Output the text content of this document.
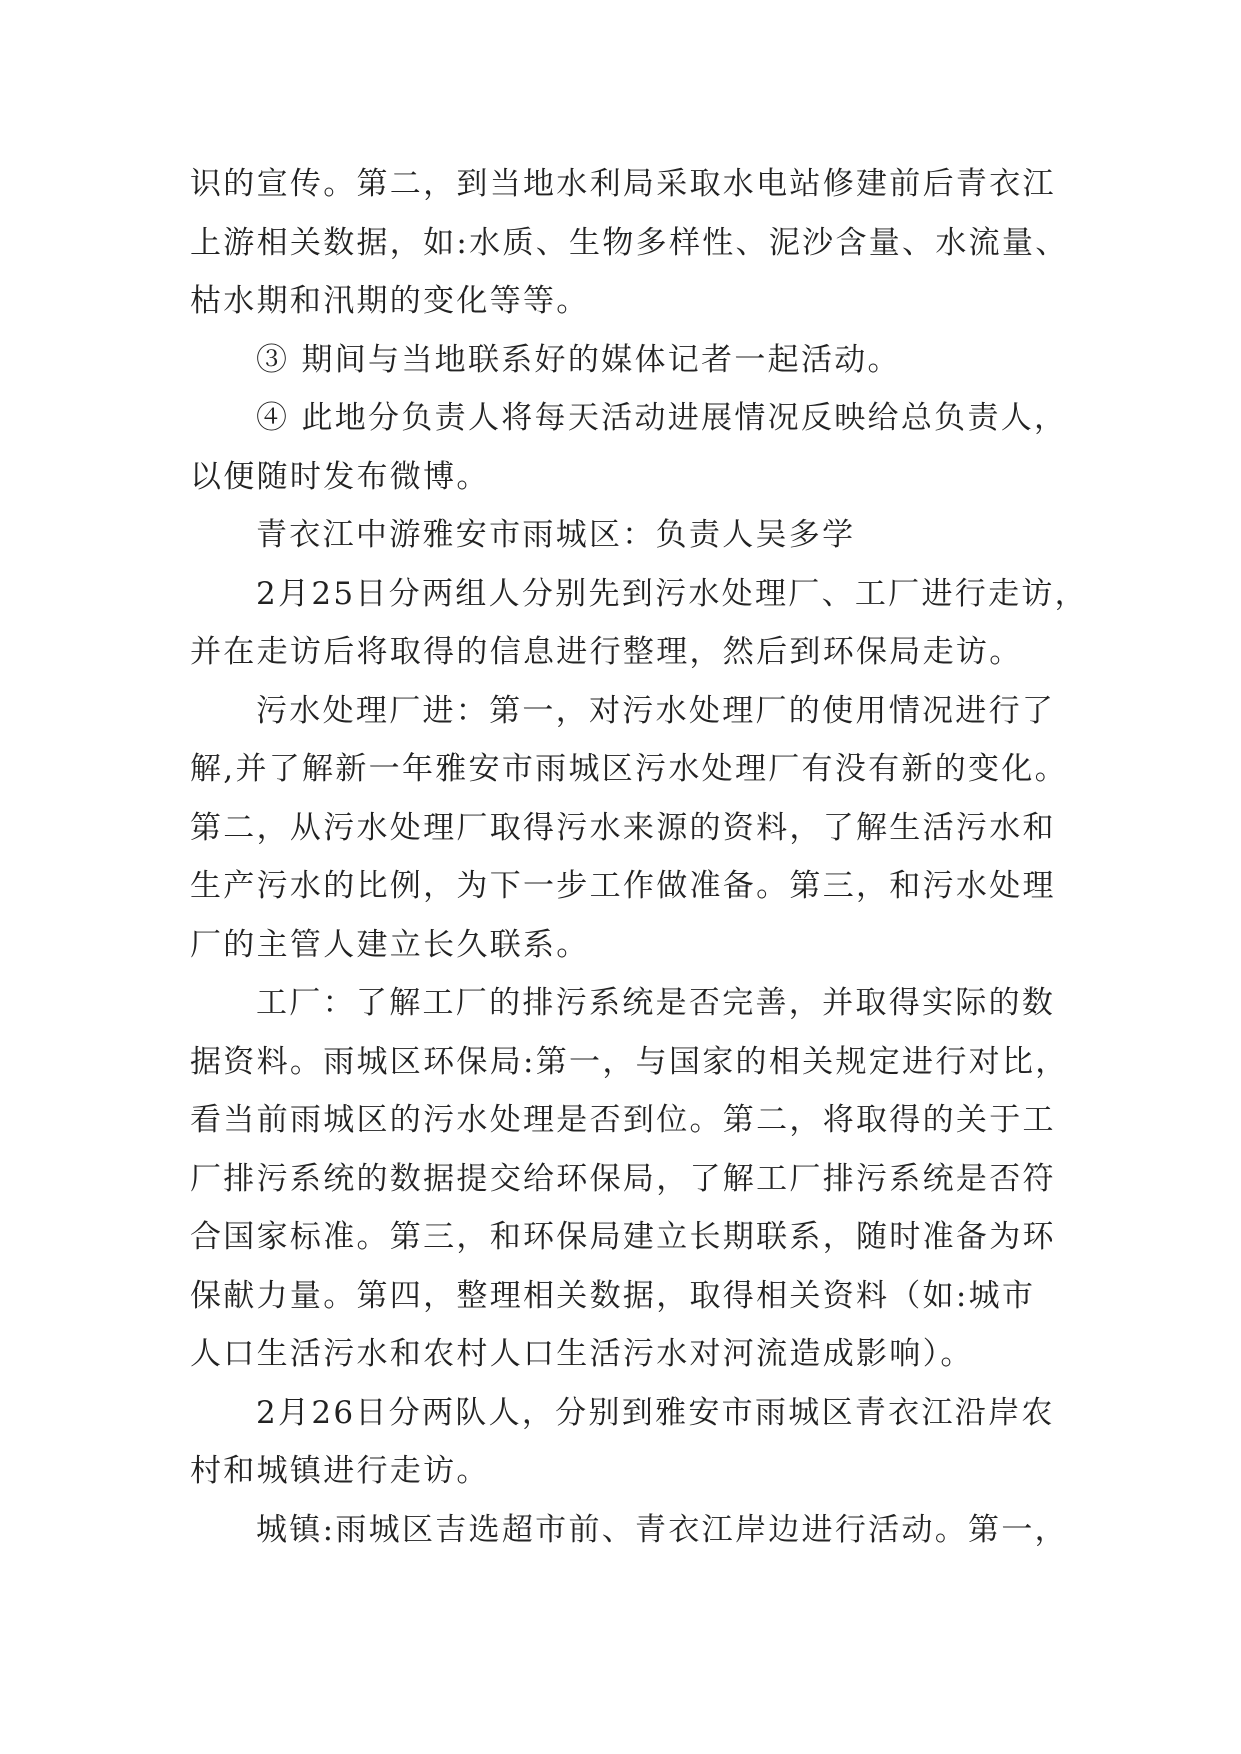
识的宣传。第二，到当地水利局采取水电站修建前后青衣江
上游相关数据，如:水质、生物多样性、泥沙含量、水流量、
枯水期和汛期的变化等等。
③ 期间与当地联系好的媒体记者一起活动。
④ 此地分负责人将每天活动进展情况反映给总负责人，
以便随时发布微博。
青衣江中游雅安市雨城区：负责人吴多学
2月25日分两组人分别先到污水处理厂、工厂进行走访，
并在走访后将取得的信息进行整理，然后到环保局走访。
污水处理厂进：第一，对污水处理厂的使用情况进行了
解,并了解新一年雅安市雨城区污水处理厂有没有新的变化。
第二，从污水处理厂取得污水来源的资料，了解生活污水和
生产污水的比例，为下一步工作做准备。第三，和污水处理
厂的主管人建立长久联系。
工厂：了解工厂的排污系统是否完善，并取得实际的数
据资料。雨城区环保局:第一，与国家的相关规定进行对比，
看当前雨城区的污水处理是否到位。第二，将取得的关于工
厂排污系统的数据提交给环保局，了解工厂排污系统是否符
合国家标准。第三，和环保局建立长期联系，随时准备为环
保献力量。第四，整理相关数据，取得相关资料（如:城市
人口生活污水和农村人口生活污水对河流造成影响）。
2月26日分两队人，分别到雅安市雨城区青衣江沿岸农
村和城镇进行走访。
城镇:雨城区吉选超市前、青衣江岸边进行活动。第一，
